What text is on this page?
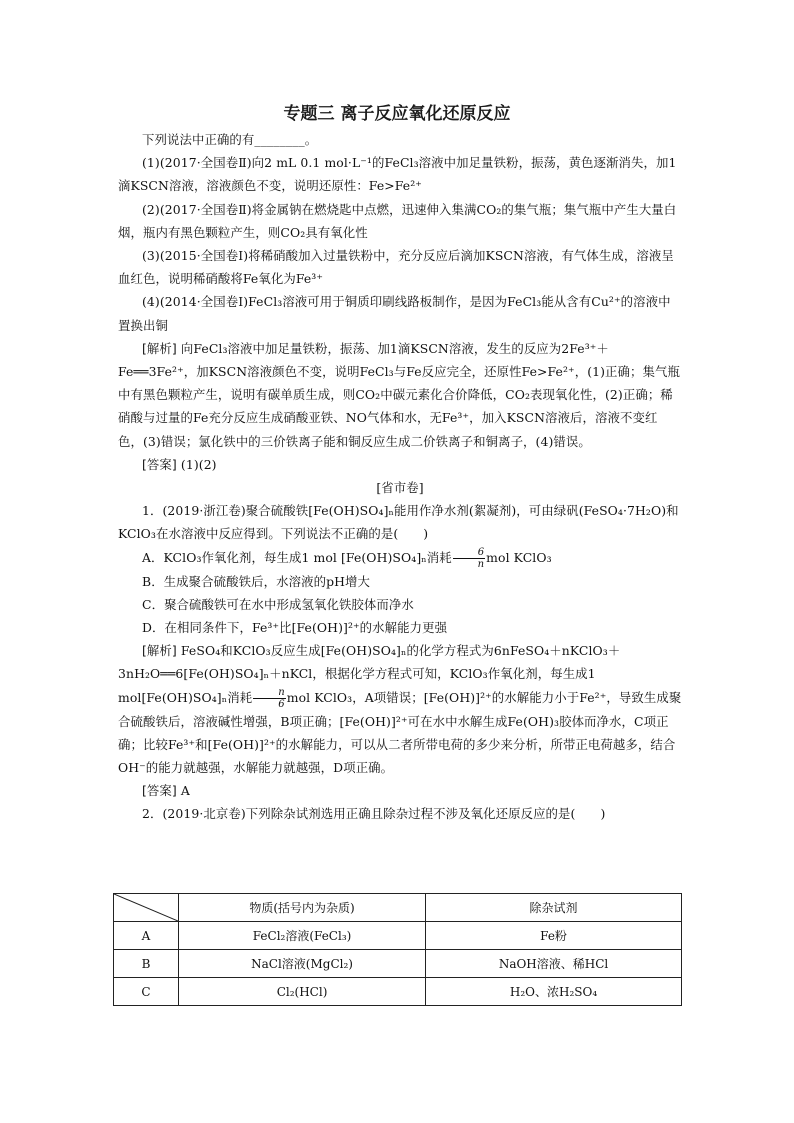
专题三 离子反应氧化还原反应

下列说法中正确的有________。

(1)(2017·全国卷Ⅱ)向2 mL 0.1 mol·L⁻¹的FeCl₃溶液中加足量铁粉，振荡，黄色逐渐消失，加1滴KSCN溶液，溶液颜色不变，说明还原性：Fe>Fe²⁺

(2)(2017·全国卷Ⅱ)将金属钠在燃烧匙中点燃，迅速伸入集满CO₂的集气瓶；集气瓶中产生大量白烟，瓶内有黑色颗粒产生，则CO₂具有氧化性

(3)(2015·全国卷Ⅰ)将稀硝酸加入过量铁粉中，充分反应后滴加KSCN溶液，有气体生成，溶液呈血红色，说明稀硝酸将Fe氧化为Fe³⁺

(4)(2014·全国卷Ⅰ)FeCl₃溶液可用于铜质印刷线路板制作，是因为FeCl₃能从含有Cu²⁺的溶液中置换出铜

[解析] 向FeCl₃溶液中加足量铁粉，振荡、加1滴KSCN溶液，发生的反应为2Fe³⁺＋Fe══3Fe²⁺，加KSCN溶液颜色不变，说明FeCl₃与Fe反应完全，还原性Fe>Fe²⁺，(1)正确；集气瓶中有黑色颗粒产生，说明有碳单质生成，则CO₂中碳元素化合价降低，CO₂表现氧化性，(2)正确；稀硝酸与过量的Fe充分反应生成硝酸亚铁、NO气体和水，无Fe³⁺，加入KSCN溶液后，溶液不变红色，(3)错误；氯化铁中的三价铁离子能和铜反应生成二价铁离子和铜离子，(4)错误。

[答案] (1)(2)

[省市卷]

1．(2019·浙江卷)聚合硫酸铁[Fe(OH)SO₄]ₙ能用作净水剂(絮凝剂)，可由绿矾(FeSO₄·7H₂O)和KClO₃在水溶液中反应得到。下列说法不正确的是(　　)

A．KClO₃作氧化剂，每生成1 mol [Fe(OH)SO₄]ₙ消耗 $\frac{6}{n}$ mol KClO₃

B．生成聚合硫酸铁后，水溶液的pH增大

C．聚合硫酸铁可在水中形成氢氧化铁胶体而净水

D．在相同条件下，Fe³⁺比[Fe(OH)]²⁺的水解能力更强

[解析] FeSO₄和KClO₃反应生成[Fe(OH)SO₄]ₙ的化学方程式为6nFeSO₄＋nKClO₃＋3nH₂O══6[Fe(OH)SO₄]ₙ＋nKCl，根据化学方程式可知，KClO₃作氧化剂，每生成1 mol[Fe(OH)SO₄]ₙ消耗 $\frac{n}{6}$ mol KClO₃，A项错误；[Fe(OH)]²⁺的水解能力小于Fe²⁺，导致生成聚合硫酸铁后，溶液碱性增强，B项正确；[Fe(OH)]²⁺可在水中水解生成Fe(OH)₃胶体而净水，C项正确；比较Fe³⁺和[Fe(OH)]²⁺的水解能力，可以从二者所带电荷的多少来分析，所带正电荷越多，结合OH⁻的能力就越强，水解能力就越强，D项正确。

[答案] A

2．(2019·北京卷)下列除杂试剂选用正确且除杂过程不涉及氧化还原反应的是(　　)

	物质(括号内为杂质)	除杂试剂
A	FeCl₂溶液(FeCl₃)	Fe粉
B	NaCl溶液(MgCl₂)	NaOH溶液、稀HCl
C	Cl₂(HCl)	H₂O、浓H₂SO₄
